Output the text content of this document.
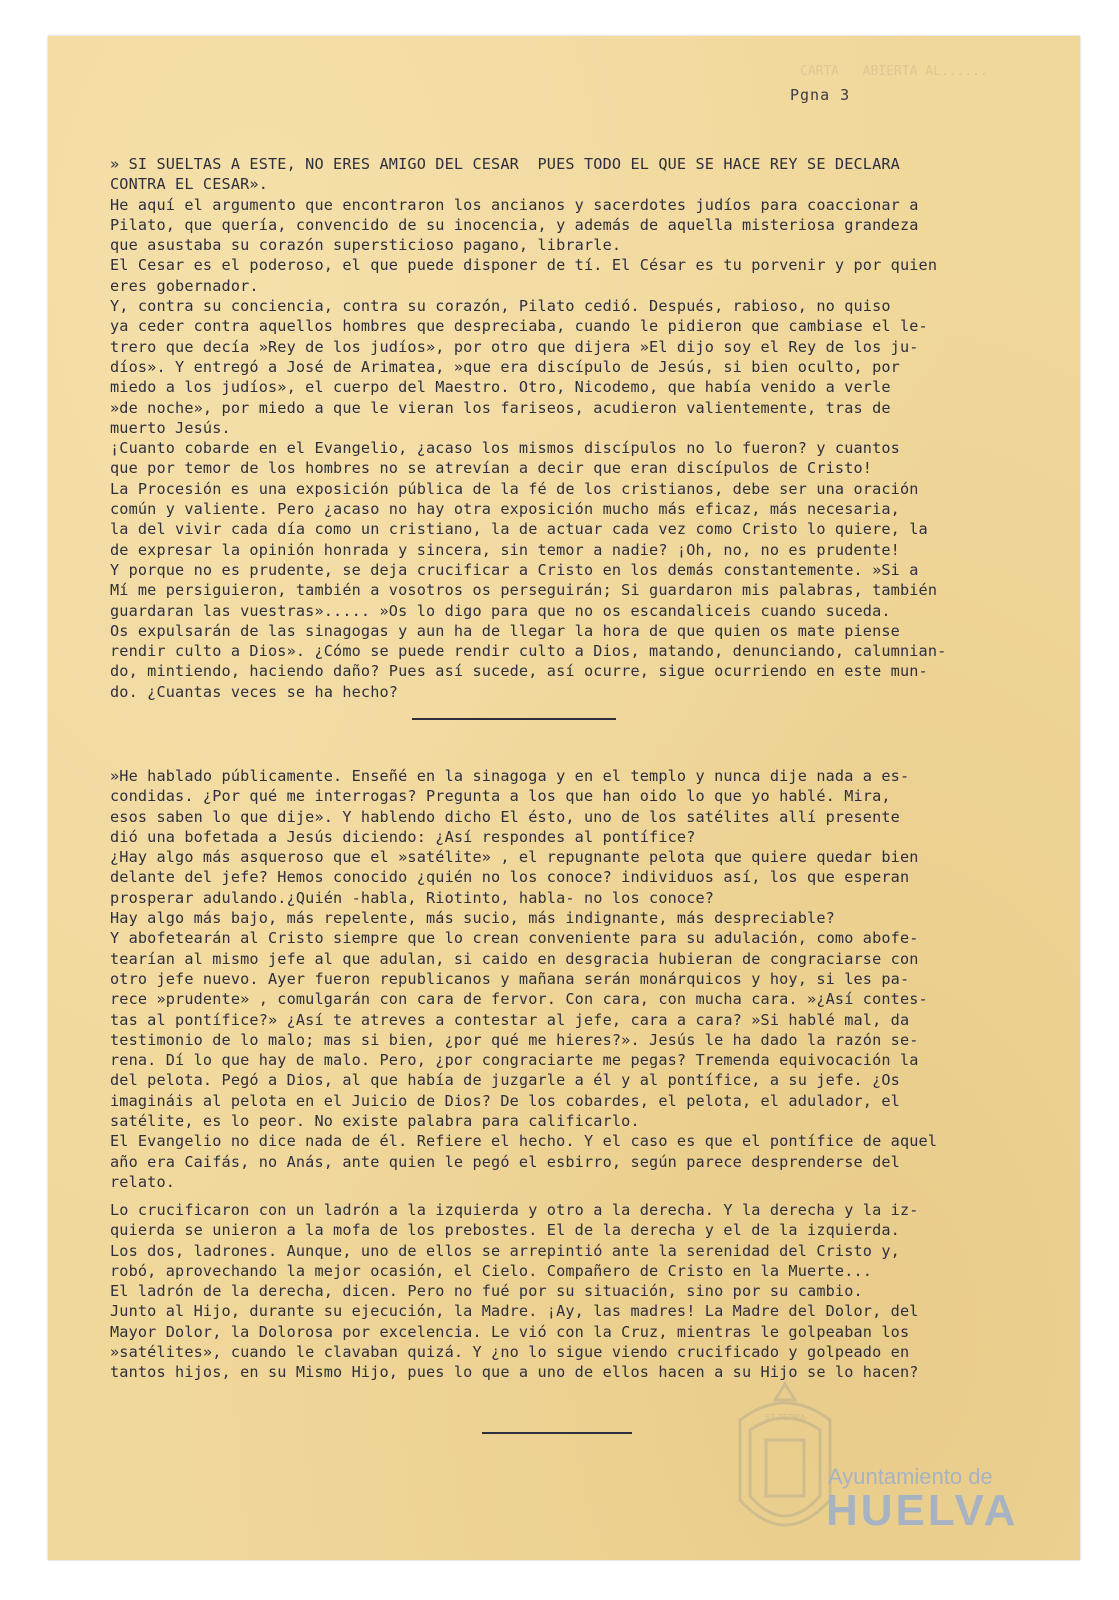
CARTA   ABIERTA AL......
Pgna 3
» SI SUELTAS A ESTE, NO ERES AMIGO DEL CESAR  PUES TODO EL QUE SE HACE REY SE DECLARA
CONTRA EL CESAR».
He aquí el argumento que encontraron los ancianos y sacerdotes judíos para coaccionar a
Pilato, que quería, convencido de su inocencia, y además de aquella misteriosa grandeza
que asustaba su corazón supersticioso pagano, librarle.
El Cesar es el poderoso, el que puede disponer de tí. El César es tu porvenir y por quien
eres gobernador.
Y, contra su conciencia, contra su corazón, Pilato cedió. Después, rabioso, no quiso
ya ceder contra aquellos hombres que despreciaba, cuando le pidieron que cambiase el le-
trero que decía »Rey de los judíos», por otro que dijera »El dijo soy el Rey de los ju-
díos». Y entregó a José de Arimatea, »que era discípulo de Jesús, si bien oculto, por
miedo a los judíos», el cuerpo del Maestro. Otro, Nicodemo, que había venido a verle
»de noche», por miedo a que le vieran los fariseos, acudieron valientemente, tras de
muerto Jesús.
¡Cuanto cobarde en el Evangelio, ¿acaso los mismos discípulos no lo fueron? y cuantos
que por temor de los hombres no se atrevían a decir que eran discípulos de Cristo!
La Procesión es una exposición pública de la fé de los cristianos, debe ser una oración
común y valiente. Pero ¿acaso no hay otra exposición mucho más eficaz, más necesaria,
la del vivir cada día como un cristiano, la de actuar cada vez como Cristo lo quiere, la
de expresar la opinión honrada y sincera, sin temor a nadie? ¡Oh, no, no es prudente!
Y porque no es prudente, se deja crucificar a Cristo en los demás constantemente. »Si a
Mí me persiguieron, también a vosotros os perseguirán; Si guardaron mis palabras, también
guardaran las vuestras»..... »Os lo digo para que no os escandaliceis cuando suceda.
Os expulsarán de las sinagogas y aun ha de llegar la hora de que quien os mate piense
rendir culto a Dios». ¿Cómo se puede rendir culto a Dios, matando, denunciando, calumnian-
do, mintiendo, haciendo daño? Pues así sucede, así ocurre, sigue ocurriendo en este mun-
do. ¿Cuantas veces se ha hecho?
»He hablado públicamente. Enseñé en la sinagoga y en el templo y nunca dije nada a es-
condidas. ¿Por qué me interrogas? Pregunta a los que han oido lo que yo hablé. Mira,
esos saben lo que dije». Y hablendo dicho El ésto, uno de los satélites allí presente
dió una bofetada a Jesús diciendo: ¿Así respondes al pontífice?
¿Hay algo más asqueroso que el »satélite» , el repugnante pelota que quiere quedar bien
delante del jefe? Hemos conocido ¿quién no los conoce? individuos así, los que esperan
prosperar adulando.¿Quién -habla, Riotinto, habla- no los conoce?
Hay algo más bajo, más repelente, más sucio, más indignante, más despreciable?
Y abofetearán al Cristo siempre que lo crean conveniente para su adulación, como abofe-
tearían al mismo jefe al que adulan, si caido en desgracia hubieran de congraciarse con
otro jefe nuevo. Ayer fueron republicanos y mañana serán monárquicos y hoy, si les pa-
rece »prudente» , comulgarán con cara de fervor. Con cara, con mucha cara. »¿Así contes-
tas al pontífice?» ¿Así te atreves a contestar al jefe, cara a cara? »Si hablé mal, da
testimonio de lo malo; mas si bien, ¿por qué me hieres?». Jesús le ha dado la razón se-
rena. Dí lo que hay de malo. Pero, ¿por congraciarte me pegas? Tremenda equivocación la
del pelota. Pegó a Dios, al que había de juzgarle a él y al pontífice, a su jefe. ¿Os
imagináis al pelota en el Juicio de Dios? De los cobardes, el pelota, el adulador, el
satélite, es lo peor. No existe palabra para calificarlo.
El Evangelio no dice nada de él. Refiere el hecho. Y el caso es que el pontífice de aquel
año era Caifás, no Anás, ante quien le pegó el esbirro, según parece desprenderse del
relato.
Lo crucificaron con un ladrón a la izquierda y otro a la derecha. Y la derecha y la iz-
quierda se unieron a la mofa de los prebostes. El de la derecha y el de la izquierda.
Los dos, ladrones. Aunque, uno de ellos se arrepintió ante la serenidad del Cristo y,
robó, aprovechando la mejor ocasión, el Cielo. Compañero de Cristo en la Muerte...
El ladrón de la derecha, dicen. Pero no fué por su situación, sino por su cambio.
Junto al Hijo, durante su ejecución, la Madre. ¡Ay, las madres! La Madre del Dolor, del
Mayor Dolor, la Dolorosa por excelencia. Le vió con la Cruz, mientras le golpeaban los
»satélites», cuando le clavaban quizá. Y ¿no lo sigue viendo crucificado y golpeado en
tantos hijos, en su Mismo Hijo, pues lo que a uno de ellos hacen a su Hijo se lo hacen?
ST. TERRA
Ayuntamiento de
HUELVA
